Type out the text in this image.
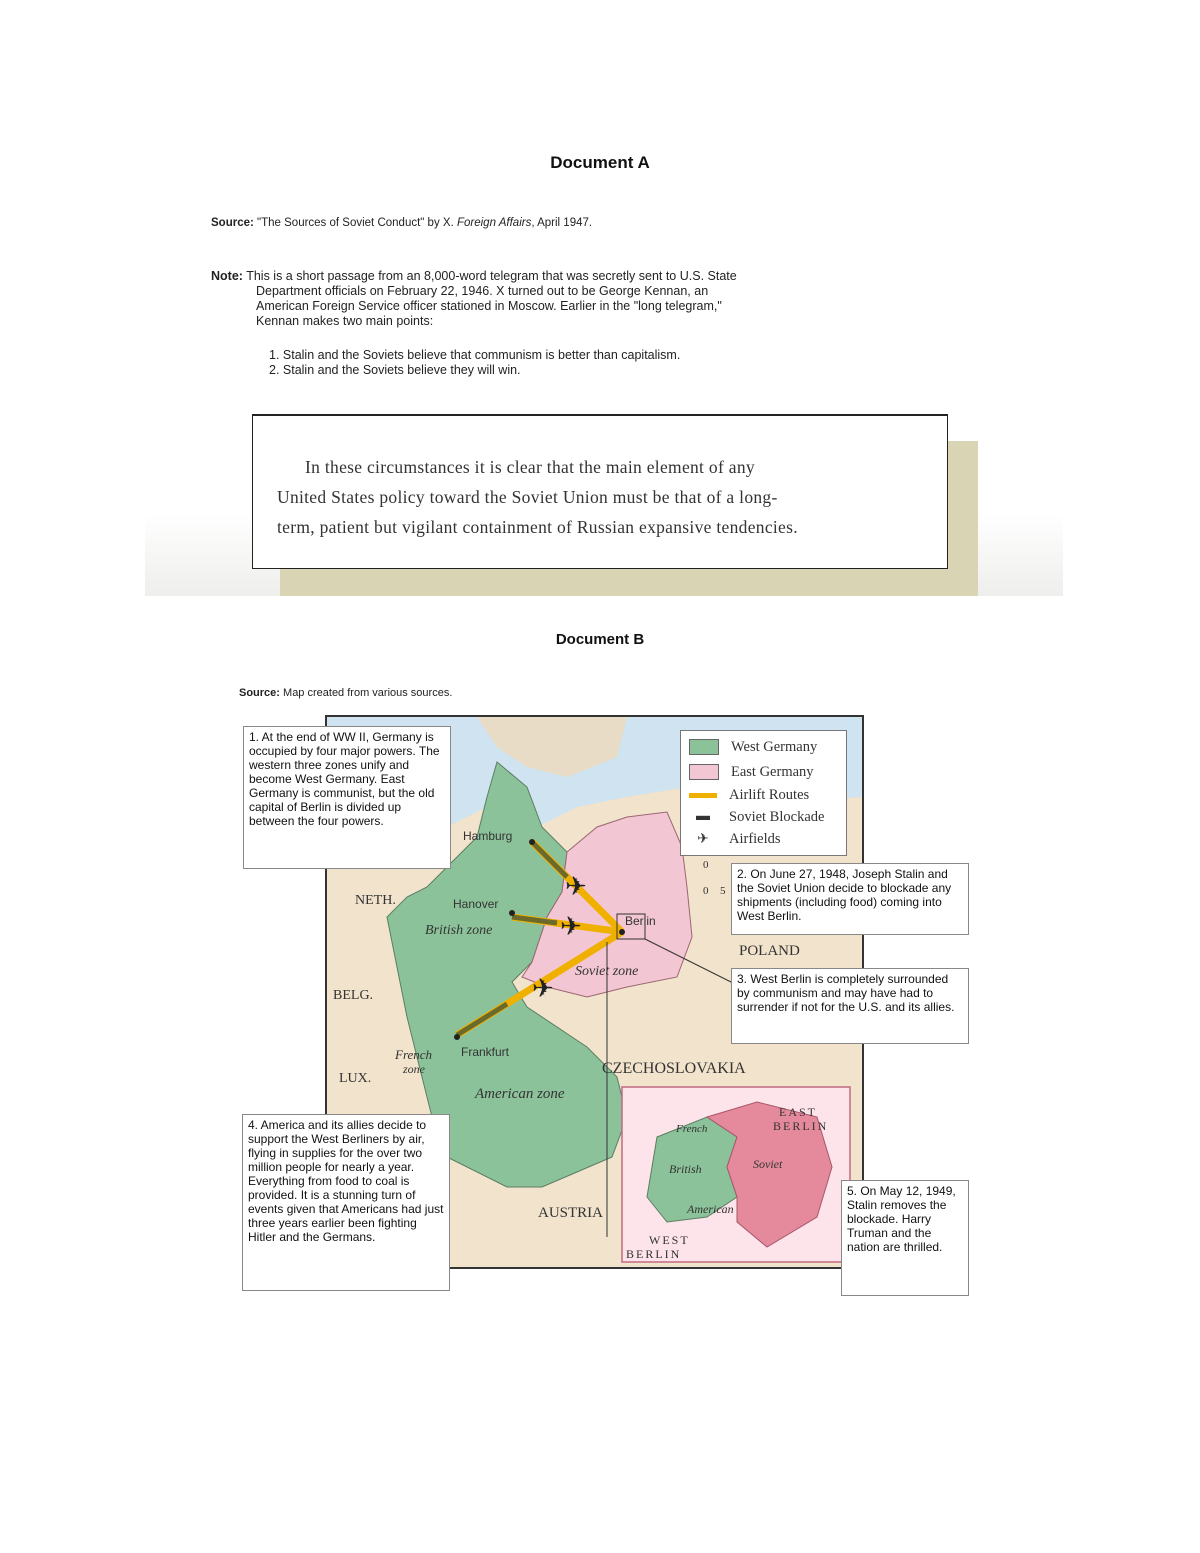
Document A
Source: "The Sources of Soviet Conduct" by X. Foreign Affairs, April 1947.
Note: This is a short passage from an 8,000-word telegram that was secretly sent to U.S. State
Department officials on February 22, 1946. X turned out to be George Kennan, an
American Foreign Service officer stationed in Moscow. Earlier in the "long telegram,"
Kennan makes two main points:
1. Stalin and the Soviets believe that communism is better than capitalism.
2. Stalin and the Soviets believe they will win.
In these circumstances it is clear that the main element of any
United States policy toward the Soviet Union must be that of a long-
term, patient but vigilant containment of Russian expansive tendencies.
Document B
Source: Map created from various sources.
✈
✈
✈
Hamburg
Hanover
Berlin
Frankfurt
British zone
Soviet zone
French
zone
American zone
NETH.
BELG.
LUX.
POLAND
CZECHOSLOVAKIA
AUSTRIA
0
0 5
EAST
BERLIN
WEST
BERLIN
French
British
American
Soviet
West Germany
East Germany
Airlift Routes
▬	Soviet Blockade
✈	Airfields
1. At the end of WW II, Germany is occupied by four major powers. The western three zones unify and become West Germany. East Germany is communist, but the old capital of Berlin is divided up between the four powers.
2. On June 27, 1948, Joseph Stalin and the Soviet Union decide to blockade any shipments (including food) coming into West Berlin.
3. West Berlin is completely surrounded by communism and may have had to surrender if not for the U.S. and its allies.
4. America and its allies decide to support the West Berliners by air, flying in supplies for the over two million people for nearly a year. Everything from food to coal is provided. It is a stunning turn of events given that Americans had just three years earlier been fighting Hitler and the Germans.
5. On May 12, 1949, Stalin removes the blockade. Harry Truman and the nation are thrilled.
